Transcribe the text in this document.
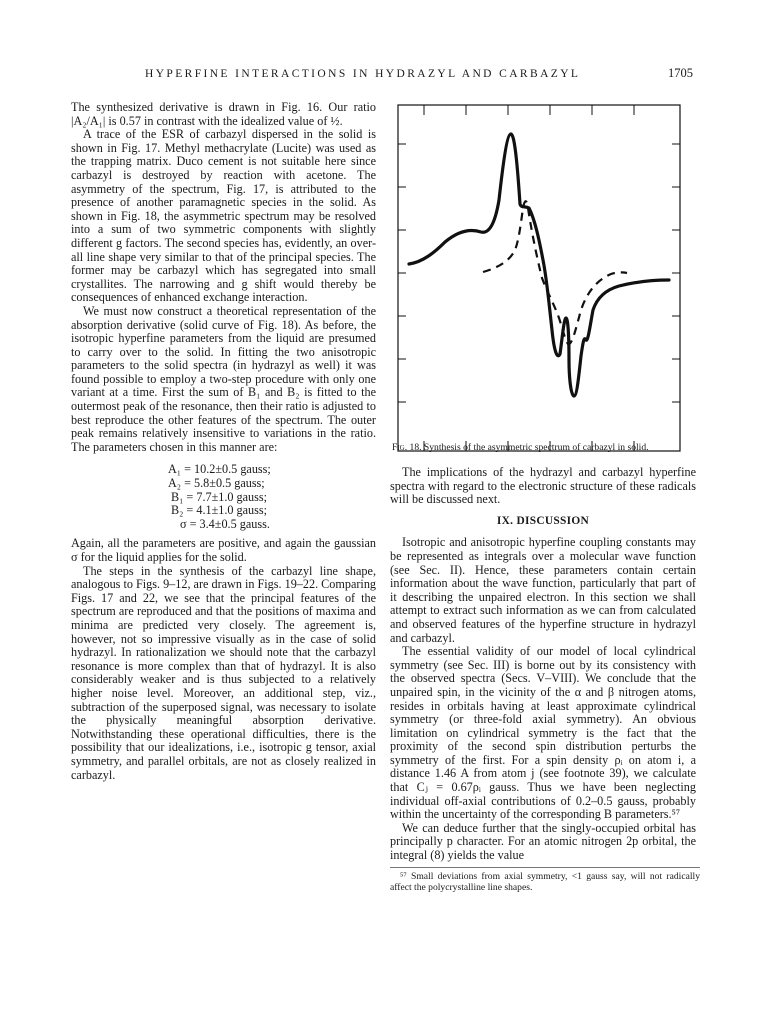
HYPERFINE INTERACTIONS IN HYDRAZYL AND CARBAZYL	1705

The synthesized derivative is drawn in Fig. 16. Our ratio |A₂/A₁| is 0.57 in contrast with the idealized value of ½.

A trace of the ESR of carbazyl dispersed in the solid is shown in Fig. 17. Methyl methacrylate (Lucite) was used as the trapping matrix. Duco cement is not suitable here since carbazyl is destroyed by reaction with acetone. The asymmetry of the spectrum, Fig. 17, is attributed to the presence of another paramagnetic species in the solid. As shown in Fig. 18, the asymmetric spectrum may be resolved into a sum of two symmetric components with slightly different g factors. The second species has, evidently, an over-all line shape very similar to that of the principal species. The former may be carbazyl which has segregated into small crystallites. The narrowing and g shift would thereby be consequences of enhanced exchange interaction.

We must now construct a theoretical representation of the absorption derivative (solid curve of Fig. 18). As before, the isotropic hyperfine parameters from the liquid are presumed to carry over to the solid. In fitting the two anisotropic parameters to the solid spectra (in hydrazyl as well) it was found possible to employ a two-step procedure with only one variant at a time. First the sum of B₁ and B₂ is fitted to the outermost peak of the resonance, then their ratio is adjusted to best reproduce the other features of the spectrum. The outer peak remains relatively insensitive to variations in the ratio. The parameters chosen in this manner are:

A₁ = 10.2±0.5 gauss;

A₂ = 5.8±0.5 gauss;

B₁ = 7.7±1.0 gauss;

B₂ = 4.1±1.0 gauss;

σ = 3.4±0.5 gauss.

Again, all the parameters are positive, and again the gaussian σ for the liquid applies for the solid.

The steps in the synthesis of the carbazyl line shape, analogous to Figs. 9–12, are drawn in Figs. 19–22. Comparing Figs. 17 and 22, we see that the principal features of the spectrum are reproduced and that the positions of maxima and minima are predicted very closely. The agreement is, however, not so impressive visually as in the case of solid hydrazyl. In rationalization we should note that the carbazyl resonance is more complex than that of hydrazyl. It is also considerably weaker and is thus subjected to a relatively higher noise level. Moreover, an additional step, viz., subtraction of the superposed signal, was necessary to isolate the physically meaningful absorption derivative. Notwithstanding these operational difficulties, there is the possibility that our idealizations, i.e., isotropic g tensor, axial symmetry, and parallel orbitals, are not as closely realized in carbazyl.

Fig. 18. Synthesis of the asymmetric spectrum of carbazyl in solid.

The implications of the hydrazyl and carbazyl hyperfine spectra with regard to the electronic structure of these radicals will be discussed next.

IX. DISCUSSION

Isotropic and anisotropic hyperfine coupling constants may be represented as integrals over a molecular wave function (see Sec. II). Hence, these parameters contain certain information about the wave function, particularly that part of it describing the unpaired electron. In this section we shall attempt to extract such information as we can from calculated and observed features of the hyperfine structure in hydrazyl and carbazyl.

The essential validity of our model of local cylindrical symmetry (see Sec. III) is borne out by its consistency with the observed spectra (Secs. V–VIII). We conclude that the unpaired spin, in the vicinity of the α and β nitrogen atoms, resides in orbitals having at least approximate cylindrical symmetry (or three-fold axial symmetry). An obvious limitation on cylindrical symmetry is the fact that the proximity of the second spin distribution perturbs the symmetry of the first. For a spin density ρᵢ on atom i, a distance 1.46 A from atom j (see footnote 39), we calculate that Cⱼ = 0.67ρᵢ gauss. Thus we have been neglecting individual off-axial contributions of 0.2–0.5 gauss, probably within the uncertainty of the corresponding B parameters.⁵⁷

We can deduce further that the singly-occupied orbital has principally p character. For an atomic nitrogen 2p orbital, the integral (8) yields the value

⁵⁷ Small deviations from axial symmetry, <1 gauss say, will not radically affect the polycrystalline line shapes.
